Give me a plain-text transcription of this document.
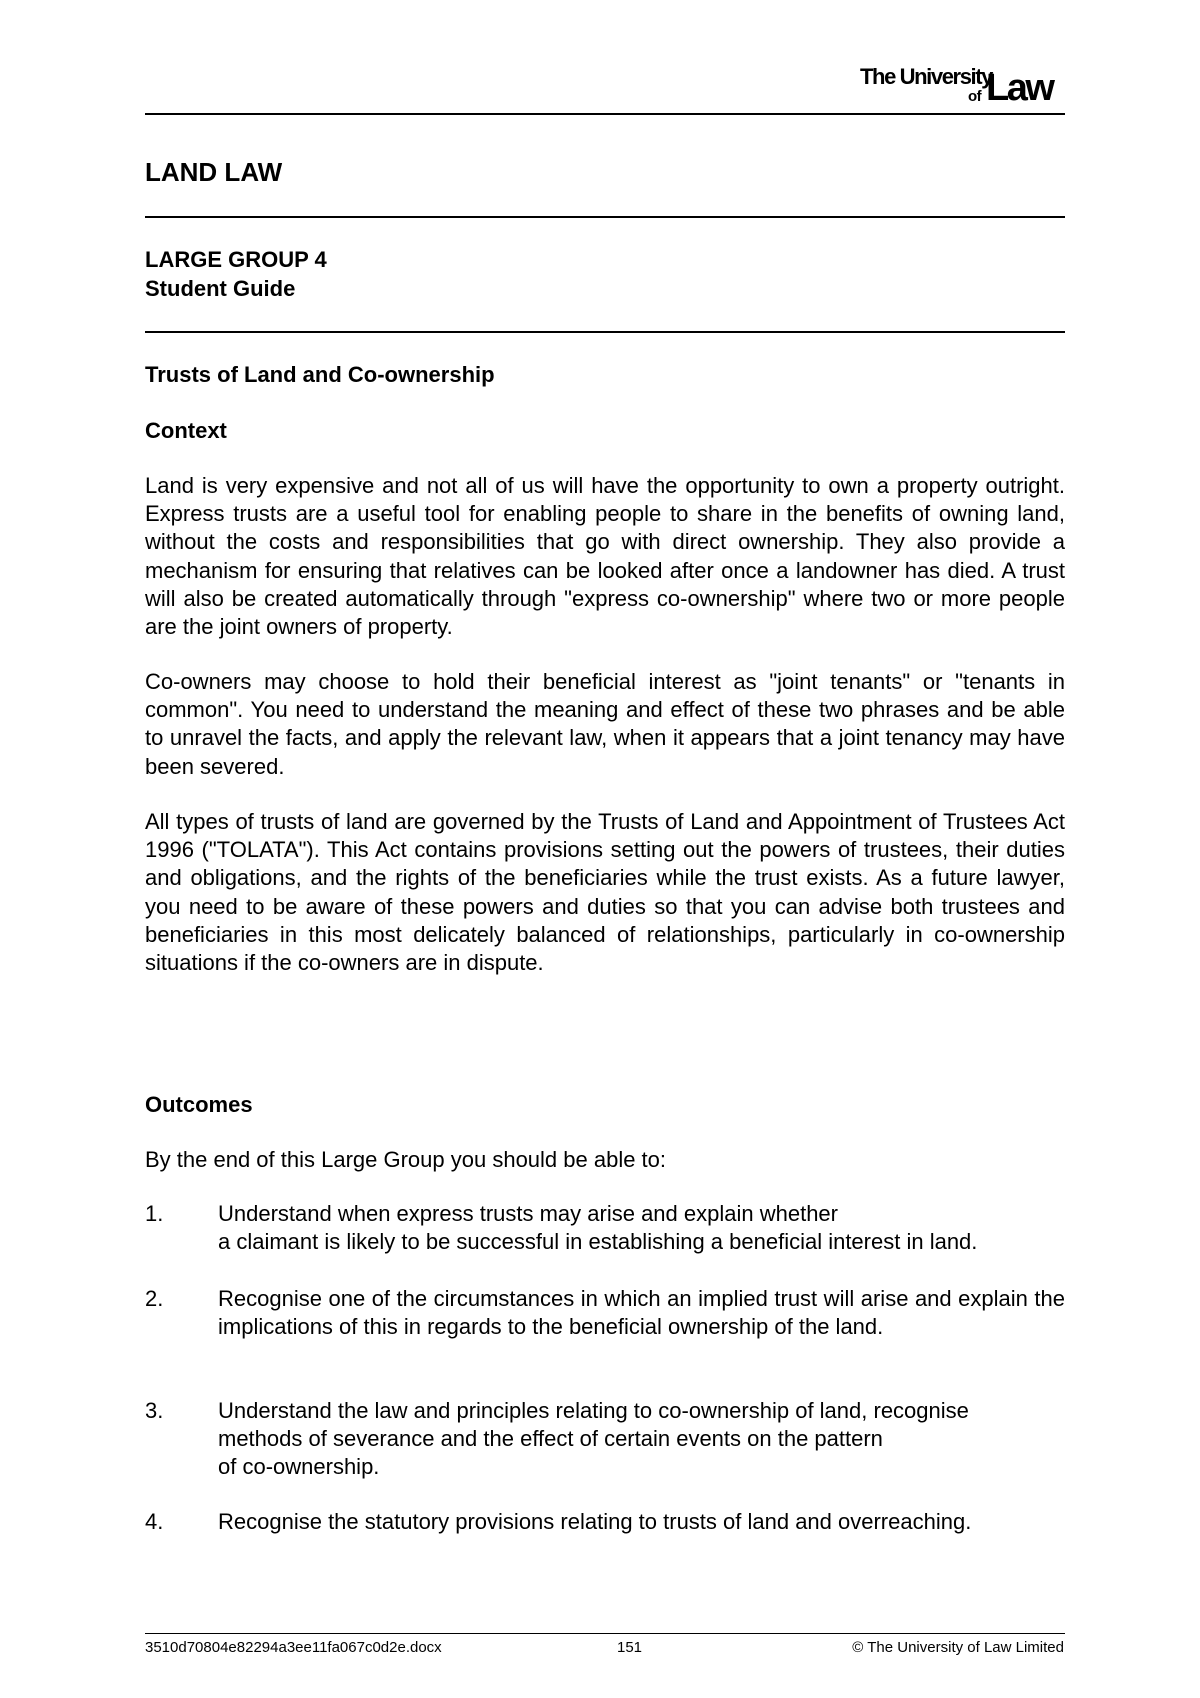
The University
of Law
LAND LAW

LARGE GROUP 4

Student Guide

Trusts of Land and Co-ownership

Context

Land is very expensive and not all of us will have the opportunity to own a property outright. Express trusts are a useful tool for enabling people to share in the benefits of owning land, without the costs and responsibilities that go with direct ownership. They also provide a mechanism for ensuring that relatives can be looked after once a landowner has died. A trust will also be created automatically through "express co-ownership" where two or more people are the joint owners of property.

Co-owners may choose to hold their beneficial interest as "joint tenants" or "tenants in common". You need to understand the meaning and effect of these two phrases and be able to unravel the facts, and apply the relevant law, when it appears that a joint tenancy may have been severed.

All types of trusts of land are governed by the Trusts of Land and Appointment of Trustees Act 1996 ("TOLATA"). This Act contains provisions setting out the powers of trustees, their duties and obligations, and the rights of the beneficiaries while the trust exists. As a future lawyer, you need to be aware of these powers and duties so that you can advise both trustees and beneficiaries in this most delicately balanced of relationships, particularly in co-ownership situations if the co-owners are in dispute.

Outcomes

By the end of this Large Group you should be able to:
1. Understand when express trusts may arise and explain whether
a claimant is likely to be successful in establishing a beneficial interest in land.
2. Recognise one of the circumstances in which an implied trust will arise and explain the implications of this in regards to the beneficial ownership of the land.
3. Understand the law and principles relating to co-ownership of land, recognise
methods of severance and the effect of certain events on the pattern
of co-ownership.
4. Recognise the statutory provisions relating to trusts of land and overreaching.
3510d70804e82294a3ee11fa067c0d2e.docx	151	© The University of Law Limited
